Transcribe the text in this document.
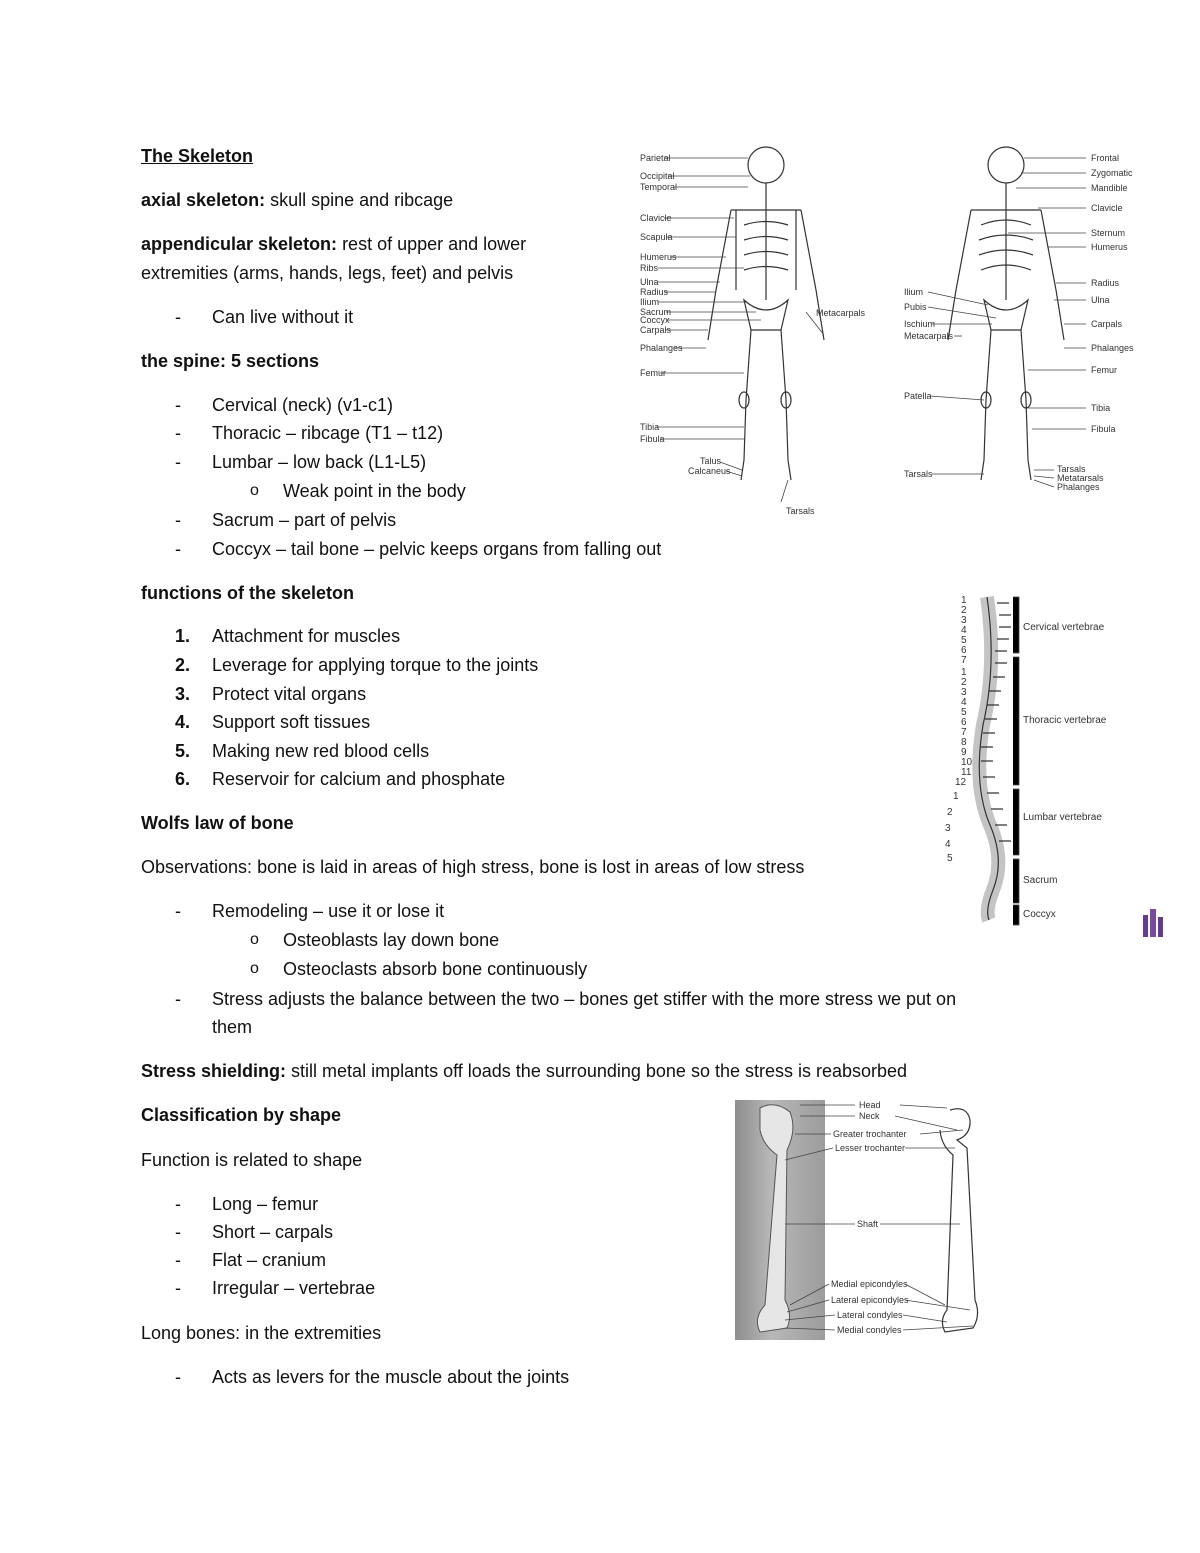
The Skeleton
axial skeleton: skull spine and ribcage
appendicular skeleton: rest of upper and lower
extremities (arms, hands, legs, feet) and pelvis
- Can live without it
the spine: 5 sections
- Cervical (neck) (v1-c1)
- Thoracic – ribcage (T1 – t12)
- Lumbar – low back (L1-L5)
o Weak point in the body
- Sacrum – part of pelvis
- Coccyx – tail bone – pelvic keeps organs from falling out
functions of the skeleton
1. Attachment for muscles
2. Leverage for applying torque to the joints
3. Protect vital organs
4. Support soft tissues
5. Making new red blood cells
6. Reservoir for calcium and phosphate
Wolfs law of bone
Observations: bone is laid in areas of high stress, bone is lost in areas of low stress
- Remodeling – use it or lose it
o Osteoblasts lay down bone
o Osteoclasts absorb bone continuously
- Stress adjusts the balance between the two – bones get stiffer with the more stress we put on
them
Stress shielding: still metal implants off loads the surrounding bone so the stress is reabsorbed
Classification by shape
Function is related to shape
- Long – femur
- Short – carpals
- Flat – cranium
- Irregular – vertebrae
Long bones: in the extremities
- Acts as levers for the muscle about the joints
Parietal
Occipital
Temporal
Clavicle
Scapula
Humerus
Ribs
Ulna
Radius
Ilium
Sacrum
Coccyx
Carpals
Phalanges
Femur
Tibia
Fibula
Talus
Calcaneus
Tarsals
Metacarpals
Frontal
Zygomatic
Mandible
Clavicle
Sternum
Humerus
Radius
Ulna
Carpals
Phalanges
Femur
Tibia
Fibula
Tarsals
Metatarsals
Phalanges
Ilium
Pubis
Ischium
Metacarpals
Patella
Tarsals
1
2
3
4
5
6
7
1
2
3
4
5
6
7
8
9
10
11
12
1
2
3
4
5
Cervical vertebrae
Thoracic vertebrae
Lumbar vertebrae
Sacrum
Coccyx
Head
Neck
Greater trochanter
Lesser trochanter
Shaft
Medial epicondyles
Lateral epicondyles
Lateral condyles
Medial condyles
